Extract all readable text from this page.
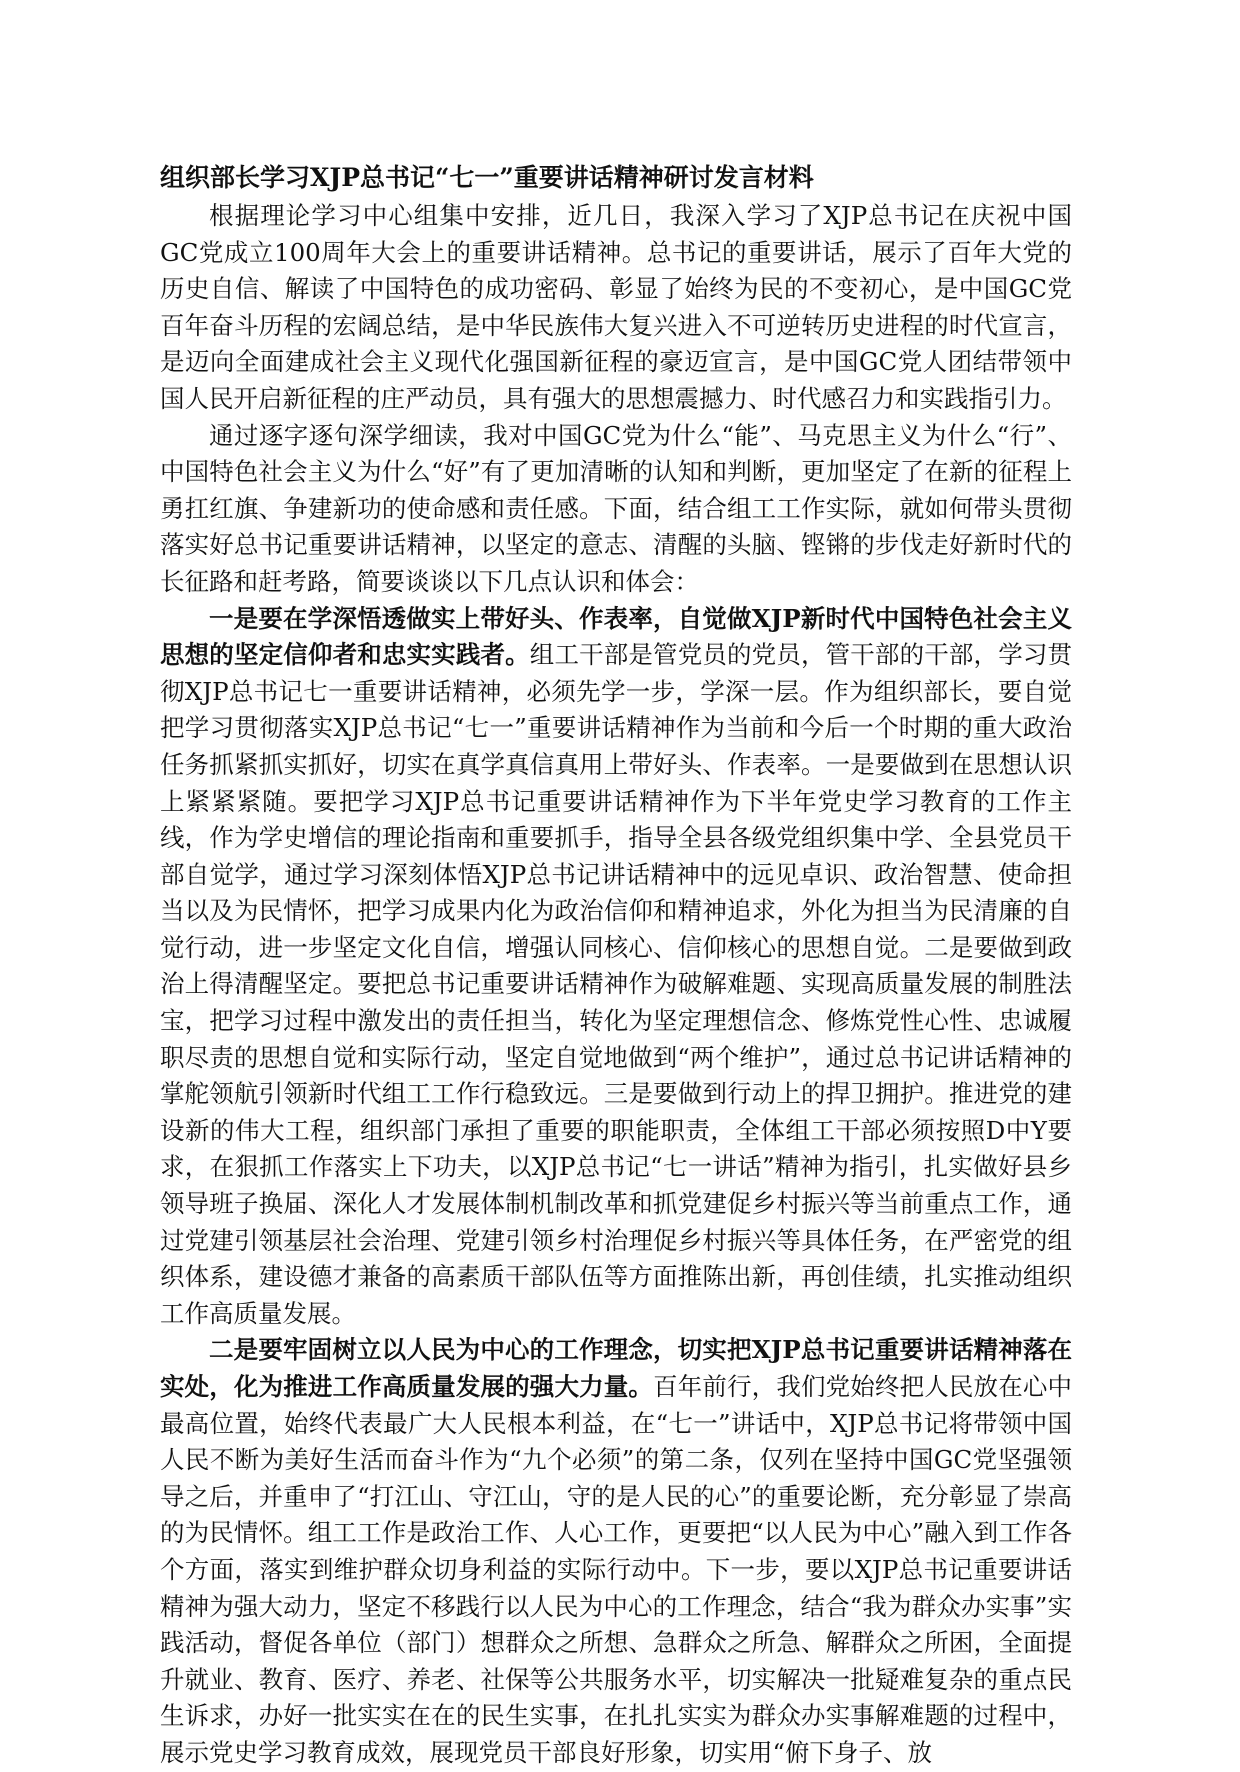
组织部长学习XJP总书记“七一”重要讲话精神研讨发言材料

根据理论学习中心组集中安排，近几日，我深入学习了XJP总书记在庆祝中国GC党成立100周年大会上的重要讲话精神。总书记的重要讲话，展示了百年大党的历史自信、解读了中国特色的成功密码、彰显了始终为民的不变初心，是中国GC党百年奋斗历程的宏阔总结，是中华民族伟大复兴进入不可逆转历史进程的时代宣言，是迈向全面建成社会主义现代化强国新征程的豪迈宣言，是中国GC党人团结带领中国人民开启新征程的庄严动员，具有强大的思想震撼力、时代感召力和实践指引力。

通过逐字逐句深学细读，我对中国GC党为什么“能”、马克思主义为什么“行”、中国特色社会主义为什么“好”有了更加清晰的认知和判断，更加坚定了在新的征程上勇扛红旗、争建新功的使命感和责任感。下面，结合组工工作实际，就如何带头贯彻落实好总书记重要讲话精神，以坚定的意志、清醒的头脑、铿锵的步伐走好新时代的长征路和赶考路，简要谈谈以下几点认识和体会：

一是要在学深悟透做实上带好头、作表率，自觉做XJP新时代中国特色社会主义思想的坚定信仰者和忠实实践者。组工干部是管党员的党员，管干部的干部，学习贯彻XJP总书记七一重要讲话精神，必须先学一步，学深一层。作为组织部长，要自觉把学习贯彻落实XJP总书记“七一”重要讲话精神作为当前和今后一个时期的重大政治任务抓紧抓实抓好，切实在真学真信真用上带好头、作表率。一是要做到在思想认识上紧紧紧随。要把学习XJP总书记重要讲话精神作为下半年党史学习教育的工作主线，作为学史增信的理论指南和重要抓手，指导全县各级党组织集中学、全县党员干部自觉学，通过学习深刻体悟XJP总书记讲话精神中的远见卓识、政治智慧、使命担当以及为民情怀，把学习成果内化为政治信仰和精神追求，外化为担当为民清廉的自觉行动，进一步坚定文化自信，增强认同核心、信仰核心的思想自觉。二是要做到政治上得清醒坚定。要把总书记重要讲话精神作为破解难题、实现高质量发展的制胜法宝，把学习过程中激发出的责任担当，转化为坚定理想信念、修炼党性心性、忠诚履职尽责的思想自觉和实际行动，坚定自觉地做到“两个维护”，通过总书记讲话精神的掌舵领航引领新时代组工工作行稳致远。三是要做到行动上的捍卫拥护。推进党的建设新的伟大工程，组织部门承担了重要的职能职责，全体组工干部必须按照D中Y要求，在狠抓工作落实上下功夫，以XJP总书记“七一讲话”精神为指引，扎实做好县乡领导班子换届、深化人才发展体制机制改革和抓党建促乡村振兴等当前重点工作，通过党建引领基层社会治理、党建引领乡村治理促乡村振兴等具体任务，在严密党的组织体系，建设德才兼备的高素质干部队伍等方面推陈出新，再创佳绩，扎实推动组织工作高质量发展。

二是要牢固树立以人民为中心的工作理念，切实把XJP总书记重要讲话精神落在实处，化为推进工作高质量发展的强大力量。百年前行，我们党始终把人民放在心中最高位置，始终代表最广大人民根本利益，在“七一”讲话中，XJP总书记将带领中国人民不断为美好生活而奋斗作为“九个必须”的第二条，仅列在坚持中国GC党坚强领导之后，并重申了“打江山、守江山，守的是人民的心”的重要论断，充分彰显了崇高的为民情怀。组工工作是政治工作、人心工作，更要把“以人民为中心”融入到工作各个方面，落实到维护群众切身利益的实际行动中。下一步，要以XJP总书记重要讲话精神为强大动力，坚定不移践行以人民为中心的工作理念，结合“我为群众办实事”实践活动，督促各单位（部门）想群众之所想、急群众之所急、解群众之所困，全面提升就业、教育、医疗、养老、社保等公共服务水平，切实解决一批疑难复杂的重点民生诉求，办好一批实实在在的民生实事，在扎扎实实为群众办实事解难题的过程中，展示党史学习教育成效，展现党员干部良好形象，切实用“俯下身子、放
